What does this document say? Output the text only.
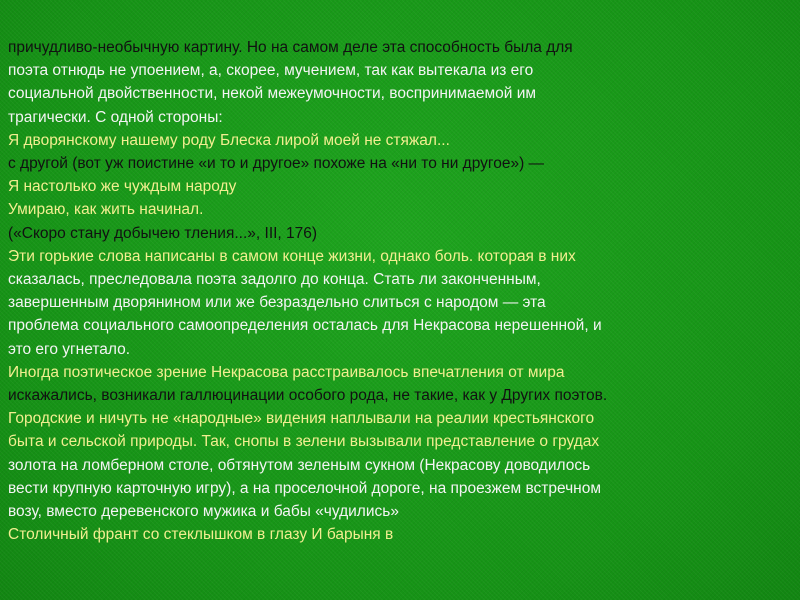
причудливо-необычную картину. Но на самом деле эта способность была для
поэта отнюдь не упоением, а, скорее, мучением, так как вытекала из его
социальной двойственности, некой межеумочности, воспринимаемой им
трагически. С одной стороны:
Я дворянскому нашему роду Блеска лирой моей не стяжал...
с другой (вот уж поистине «и то и другое» похоже на «ни то ни другое») —
Я настолько же чуждым народу
Умираю, как жить начинал.
(«Скоро стану добычею тления...», III, 176)
Эти горькие слова написаны в самом конце жизни, однако боль. которая в них
сказалась, преследовала поэта задолго до конца. Стать ли законченным,
завершенным дворянином или же безраздельно слиться с народом — эта
проблема социального самоопределения осталась для Некрасова нерешенной, и
это его угнетало.
Иногда поэтическое зрение Некрасова расстраивалось впечатления от мира
искажались, возникали галлюцинации особого рода, не такие, как у Других поэтов.
Городские и ничуть не «народные» видения наплывали на реалии крестьянского
быта и сельской природы. Так, снопы в зелени вызывали представление о грудах
золота на ломберном столе, обтянутом зеленым сукном (Некрасову доводилось
вести крупную карточную игру), а на проселочной дороге, на проезжем встречном
возу, вместо деревенского мужика и бабы «чудились»
Столичный франт со стеклышком в глазу И барыня в
